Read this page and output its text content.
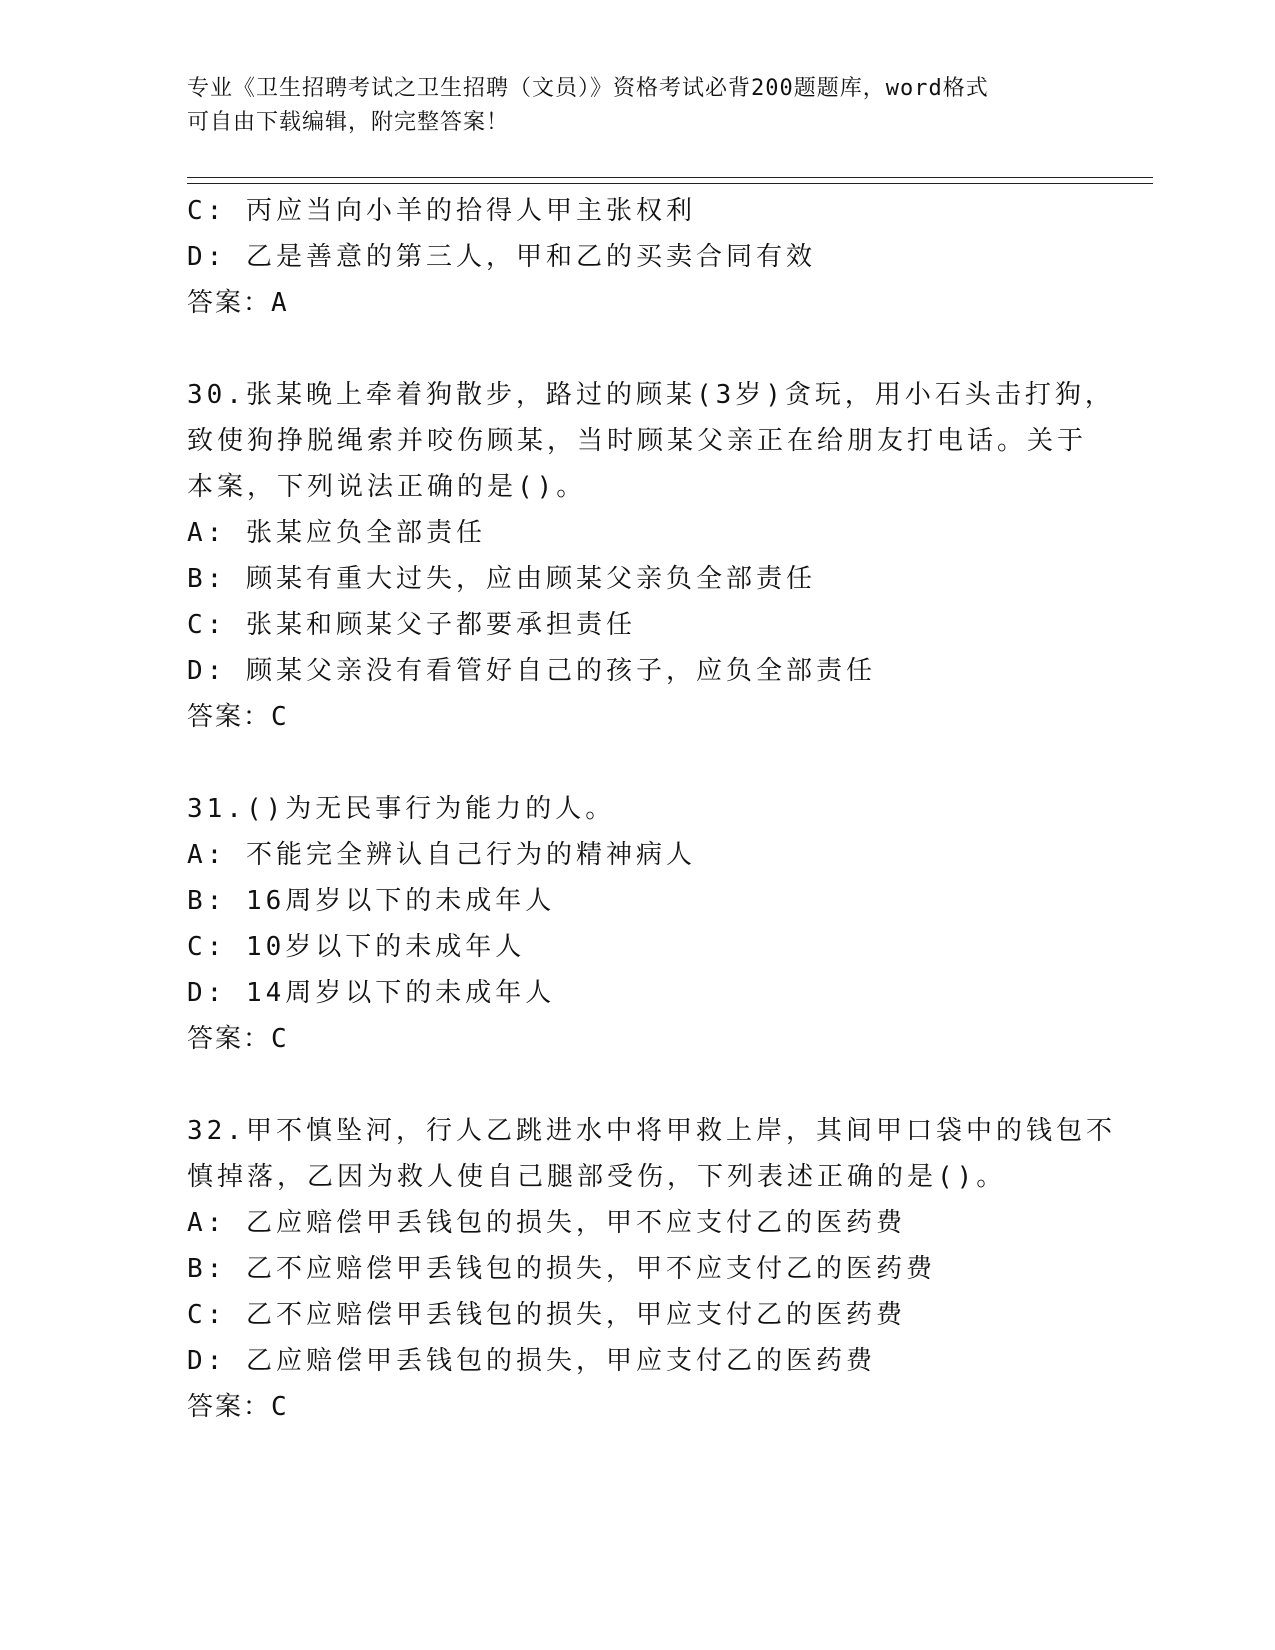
专业《卫生招聘考试之卫生招聘（文员）》资格考试必背200题题库，word格式
可自由下载编辑，附完整答案！
C: 丙应当向小羊的拾得人甲主张权利
D: 乙是善意的第三人，甲和乙的买卖合同有效
答案：A
30.张某晚上牵着狗散步，路过的顾某(3岁)贪玩，用小石头击打狗，
致使狗挣脱绳索并咬伤顾某，当时顾某父亲正在给朋友打电话。关于
本案，下列说法正确的是()。
A: 张某应负全部责任
B: 顾某有重大过失，应由顾某父亲负全部责任
C: 张某和顾某父子都要承担责任
D: 顾某父亲没有看管好自己的孩子，应负全部责任
答案：C
31.()为无民事行为能力的人。
A: 不能完全辨认自己行为的精神病人
B: 16周岁以下的未成年人
C: 10岁以下的未成年人
D: 14周岁以下的未成年人
答案：C
32.甲不慎坠河，行人乙跳进水中将甲救上岸，其间甲口袋中的钱包不
慎掉落，乙因为救人使自己腿部受伤，下列表述正确的是()。
A: 乙应赔偿甲丢钱包的损失，甲不应支付乙的医药费
B: 乙不应赔偿甲丢钱包的损失，甲不应支付乙的医药费
C: 乙不应赔偿甲丢钱包的损失，甲应支付乙的医药费
D: 乙应赔偿甲丢钱包的损失，甲应支付乙的医药费
答案：C
